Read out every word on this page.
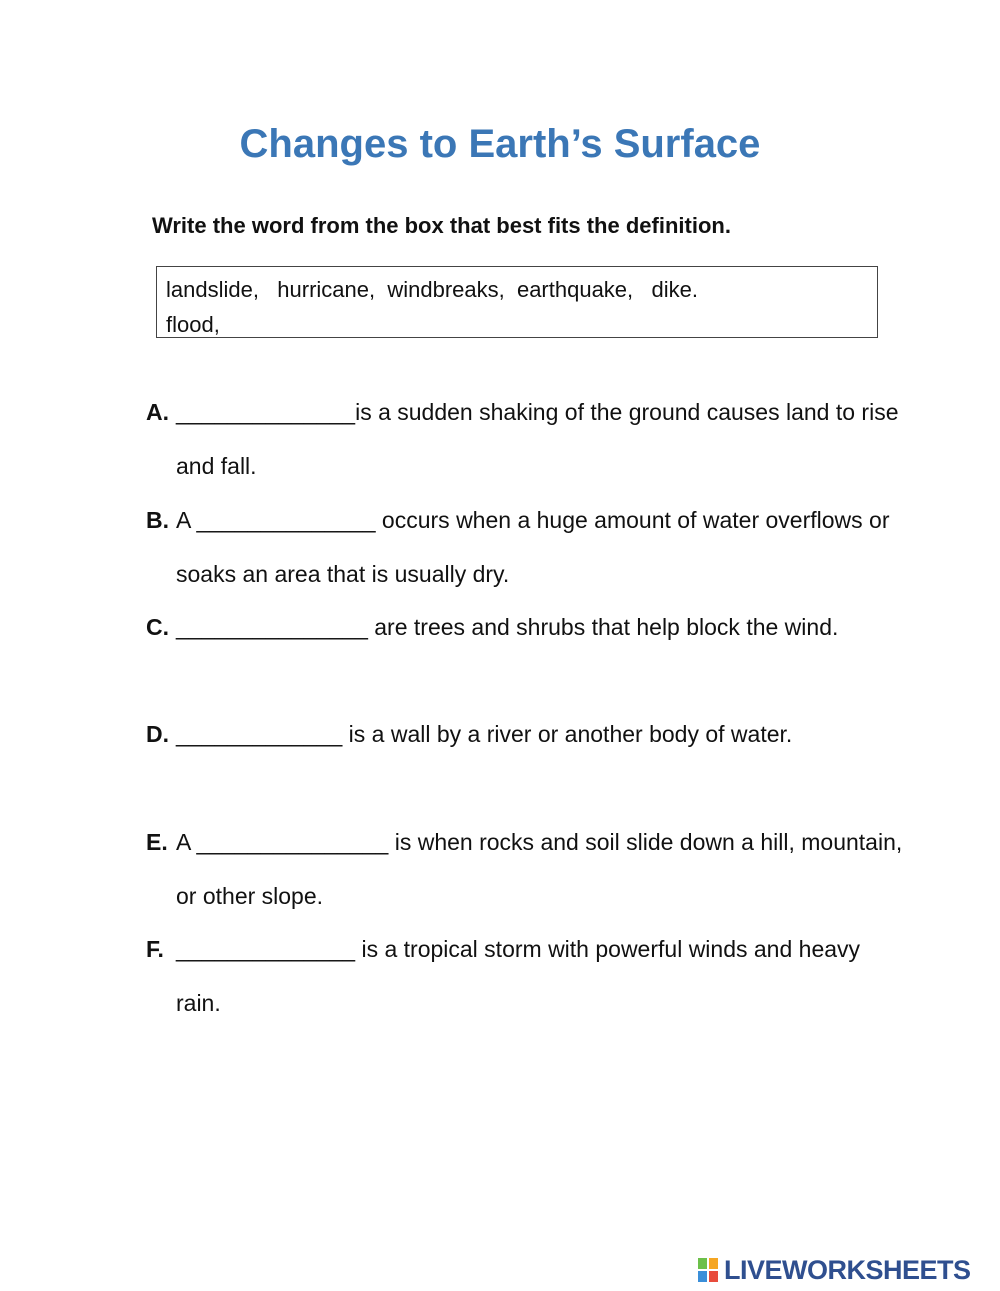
Changes to Earth’s Surface

Write the word from the box that best fits the definition.

landslide,   hurricane,  windbreaks,  earthquake,   dike.
flood,
A. ______________is a sudden shaking of the ground causes land to rise and fall.
B. A ______________ occurs when a huge amount of water overflows or soaks an area that is usually dry.
C. _______________ are trees and shrubs that help block the wind.
D. _____________ is a wall by a river or another body of water.
E. A _______________ is when rocks and soil slide down a hill, mountain, or other slope.
F. ______________ is a tropical storm with powerful winds and heavy rain.
LIVEWORKSHEETS
